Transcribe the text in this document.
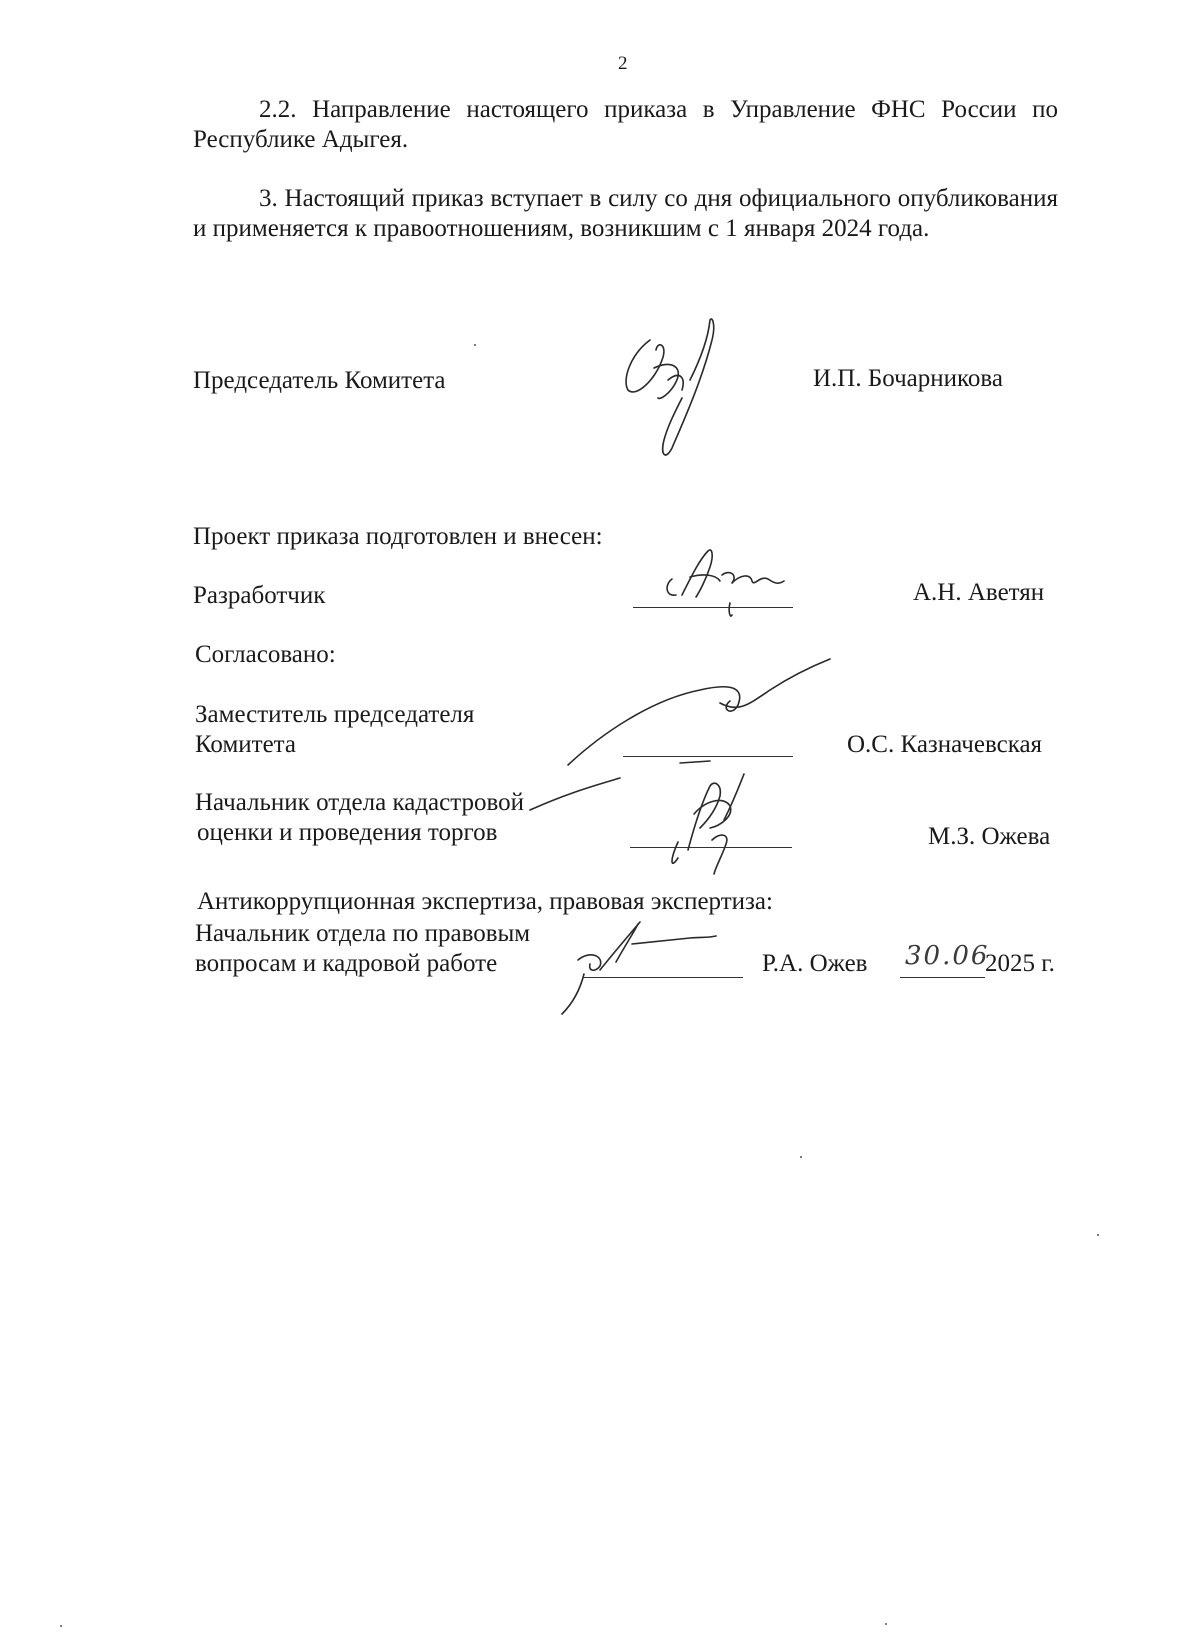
2
2.2. Направление настоящего приказа в Управление ФНС России по Республике Адыгея.
3. Настоящий приказ вступает в силу со дня официального опубликования и применяется к правоотношениям, возникшим с 1 января 2024 года.
Председатель Комитета	И.П. Бочарникова
Проект приказа подготовлен и внесен:
Разработчик	А.Н. Аветян
Согласовано:
Заместитель председателя
Комитета	О.С. Казначевская
Начальник отдела кадастровой
оценки и проведения торгов	М.З. Ожева
Антикоррупционная экспертиза, правовая экспертиза:
Начальник отдела по правовым
вопросам и кадровой работе	Р.А. Ожев 30.06
2025 г.
